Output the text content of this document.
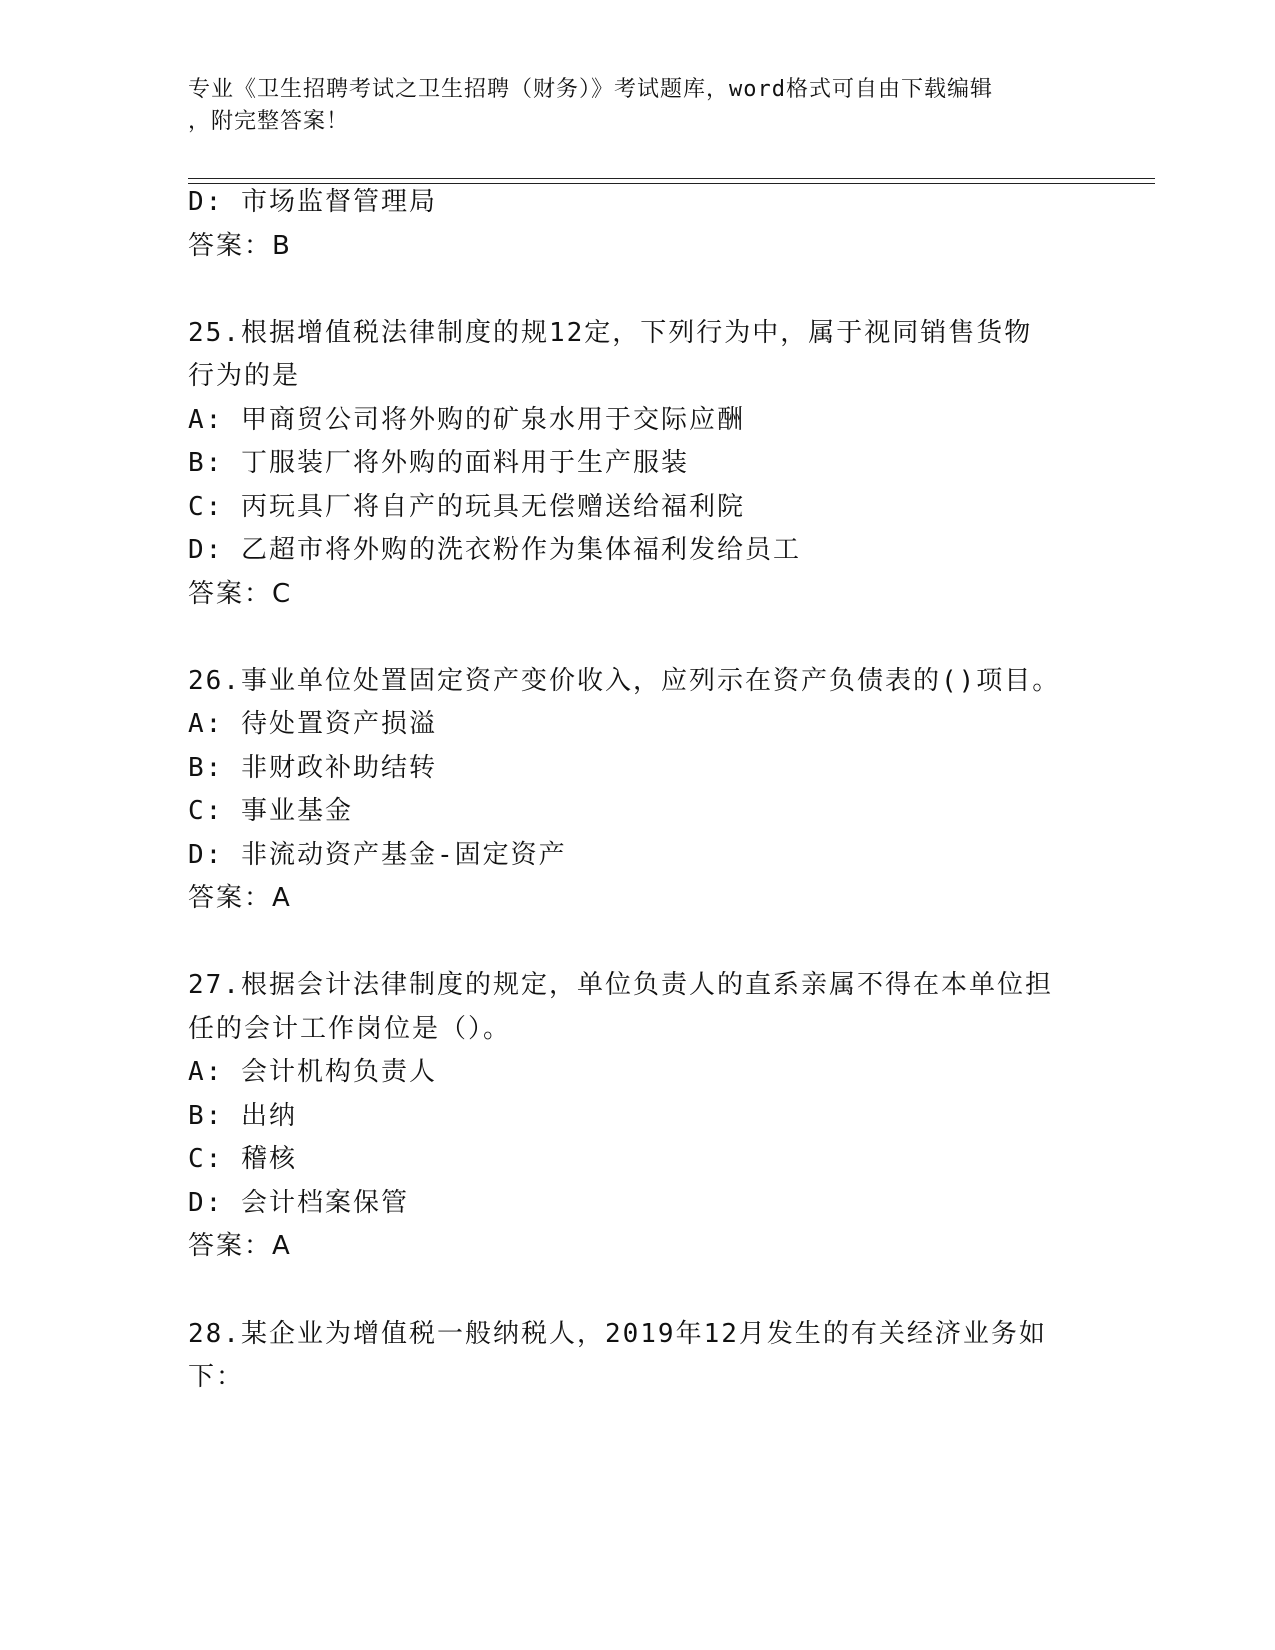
专业《卫生招聘考试之卫生招聘（财务）》考试题库，word格式可自由下载编辑
，附完整答案！
D: 市场监督管理局
答案：B
25.根据增值税法律制度的规12定，下列行为中，属于视同销售货物
行为的是
A: 甲商贸公司将外购的矿泉水用于交际应酬
B: 丁服装厂将外购的面料用于生产服装
C: 丙玩具厂将自产的玩具无偿赠送给福利院
D: 乙超市将外购的洗衣粉作为集体福利发给员工
答案：C
26.事业单位处置固定资产变价收入，应列示在资产负债表的()项目。
A: 待处置资产损溢
B: 非财政补助结转
C: 事业基金
D: 非流动资产基金-固定资产
答案：A
27.根据会计法律制度的规定，单位负责人的直系亲属不得在本单位担
任的会计工作岗位是（）。
A: 会计机构负责人
B: 出纳
C: 稽核
D: 会计档案保管
答案：A
28.某企业为增值税一般纳税人，2019年12月发生的有关经济业务如
下：
